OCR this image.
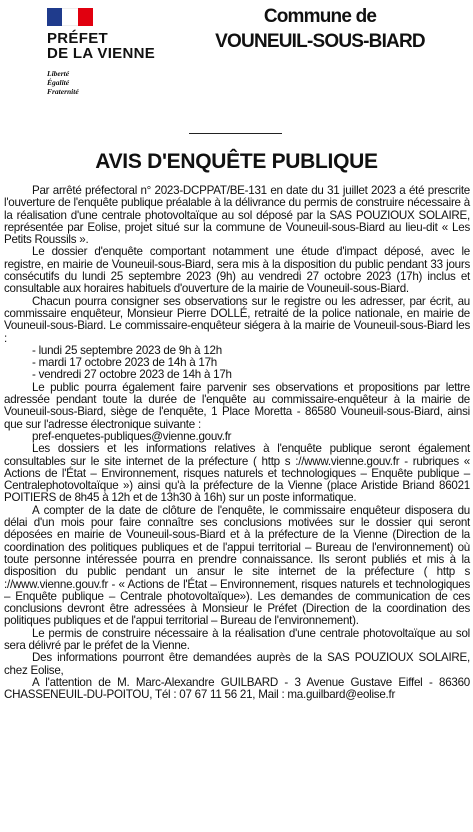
PRÉFET
DE LA VIENNE
Liberté
Égalité
Fraternité
Commune de
VOUNEUIL-SOUS-BIARD
AVIS D'ENQUÊTE PUBLIQUE

Par arrêté préfectoral n° 2023-DCPPAT/BE-131 en date du 31 juillet 2023 a été prescrite l'ouverture de l'enquête publique préalable à la délivrance du permis de construire nécessaire à la réalisation d'une centrale photovoltaïque au sol déposé par la SAS POUZIOUX SOLAIRE, représentée par Eolise, projet situé sur la commune de Vouneuil-sous-Biard au lieu-dit « Les Petits Roussils ».

Le dossier d'enquête comportant notamment une étude d'impact déposé, avec le registre, en mairie de Vouneuil-sous-Biard, sera mis à la disposition du public pendant 33 jours consécutifs du lundi 25 septembre 2023 (9h) au vendredi 27 octobre 2023 (17h) inclus et consultable aux horaires habituels d'ouverture de la mairie de Vouneuil-sous-Biard.

Chacun pourra consigner ses observations sur le registre ou les adresser, par écrit, au commissaire enquêteur, Monsieur Pierre DOLLÉ, retraité de la police nationale, en mairie de Vouneuil-sous-Biard. Le commissaire-enquêteur siégera à la mairie de Vouneuil-sous-Biard les :

- lundi 25 septembre 2023 de 9h à 12h
- mardi 17 octobre 2023 de 14h à 17h
- vendredi 27 octobre 2023 de 14h à 17h

Le public pourra également faire parvenir ses observations et propositions par lettre adressée pendant toute la durée de l'enquête au commissaire-enquêteur à la mairie de Vouneuil-sous-Biard, siège de l'enquête, 1 Place Moretta - 86580 Vouneuil-sous-Biard, ainsi que sur l'adresse électronique suivante :

pref-enquetes-publiques@vienne.gouv.fr

Les dossiers et les informations relatives à l'enquête publique seront également consultables sur le site internet de la préfecture ( http s ://www.vienne.gouv.fr - rubriques « Actions de l'État – Environnement, risques naturels et technologiques – Enquête publique – Centralephotovoltaïque ») ainsi qu'à la préfecture de la Vienne (place Aristide Briand 86021 POITIERS de 8h45 à 12h et de 13h30 à 16h) sur un poste informatique.

A compter de la date de clôture de l'enquête, le commissaire enquêteur disposera du délai d'un mois pour faire connaître ses conclusions motivées sur le dossier qui seront déposées en mairie de Vouneuil-sous-Biard et à la préfecture de la Vienne (Direction de la coordination des politiques publiques et de l'appui territorial – Bureau de l'environnement) où toute personne intéressée pourra en prendre connaissance. Ils seront publiés et mis à la disposition du public pendant un ansur le site internet de la préfecture ( http s ://www.vienne.gouv.fr - « Actions de l'État – Environnement, risques naturels et technologiques – Enquête publique – Centrale photovoltaïque»). Les demandes de communication de ces conclusions devront être adressées à Monsieur le Préfet (Direction de la coordination des politiques publiques et de l'appui territorial – Bureau de l'environnement).

Le permis de construire nécessaire à la réalisation d'une centrale photovoltaïque au sol sera délivré par le préfet de la Vienne.

Des informations pourront être demandées auprès de la SAS POUZIOUX SOLAIRE, chez Eolise,

A l'attention de M. Marc-Alexandre GUILBARD - 3 Avenue Gustave Eiffel - 86360 CHASSENEUIL-DU-POITOU, Tél : 07 67 11 56 21, Mail : ma.guilbard@eolise.fr
